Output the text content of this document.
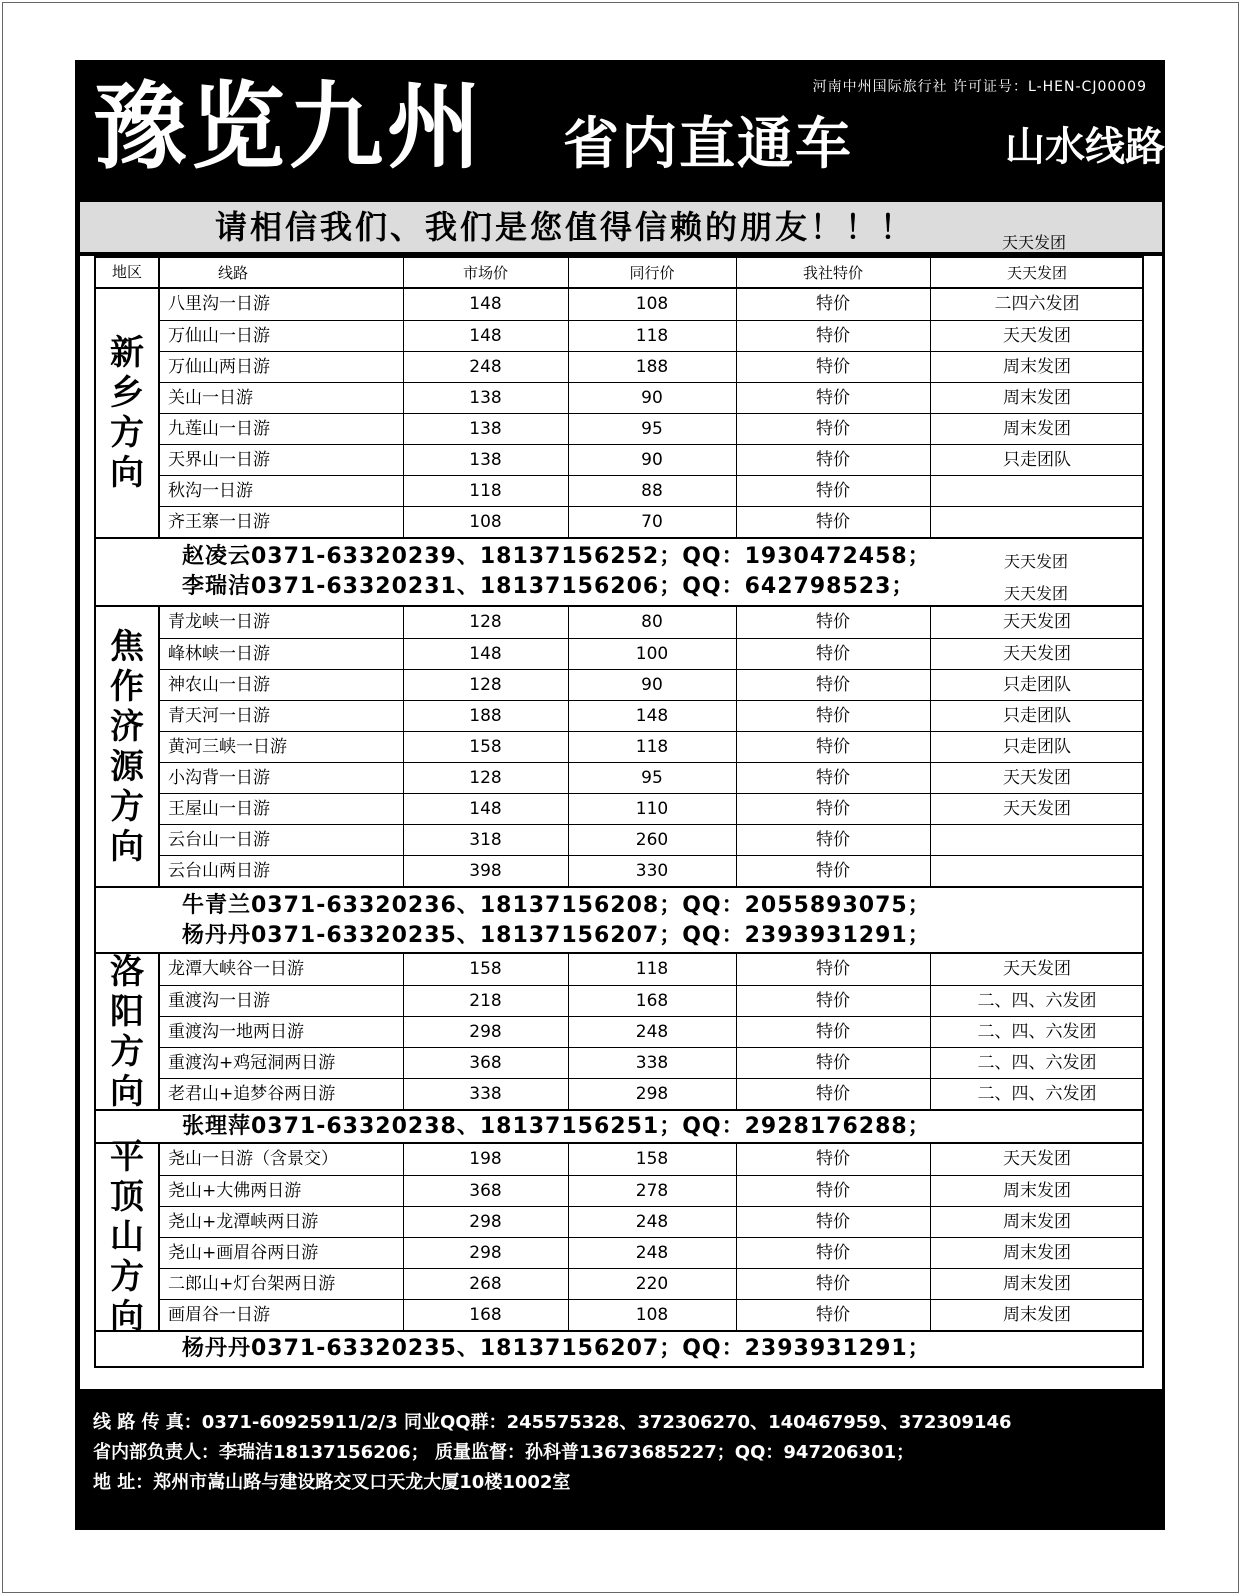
河南中州国际旅行社 许可证号：L-HEN-CJ00009
豫览九州 省内直通车	山水线路
请相信我们、我们是您值得信赖的朋友！！！
地区	线路	市场价	同行价	我社特价	天天发团
天天发团
新乡方向
八里沟一日游	148	108	特价	二四六发团
万仙山一日游	148	118	特价	天天发团
万仙山两日游	248	188	特价	周末发团
关山一日游	138	90	特价	周末发团
九莲山一日游	138	95	特价	周末发团
天界山一日游	138	90	特价	只走团队
秋沟一日游	118	88	特价
齐王寨一日游	108	70	特价
赵凌云0371-63320239、18137156252；QQ：1930472458；
李瑞洁0371-63320231、18137156206；QQ：642798523；
天天发团
天天发团
焦作济源方向
青龙峡一日游	128	80	特价	天天发团
峰林峡一日游	148	100	特价	天天发团
神农山一日游	128	90	特价	只走团队
青天河一日游	188	148	特价	只走团队
黄河三峡一日游	158	118	特价	只走团队
小沟背一日游	128	95	特价	天天发团
王屋山一日游	148	110	特价	天天发团
云台山一日游	318	260	特价
云台山两日游	398	330	特价
牛青兰0371-63320236、18137156208；QQ：2055893075；
杨丹丹0371-63320235、18137156207；QQ：2393931291；
洛阳方向
龙潭大峡谷一日游	158	118	特价	天天发团
重渡沟一日游	218	168	特价	二、四、六发团
重渡沟一地两日游	298	248	特价	二、四、六发团
重渡沟+鸡冠洞两日游	368	338	特价	二、四、六发团
老君山+追梦谷两日游	338	298	特价	二、四、六发团
张理萍0371-63320238、18137156251；QQ：2928176288；
平顶山方向
尧山一日游（含景交）	198	158	特价	天天发团
尧山+大佛两日游	368	278	特价	周末发团
尧山+龙潭峡两日游	298	248	特价	周末发团
尧山+画眉谷两日游	298	248	特价	周末发团
二郎山+灯台架两日游	268	220	特价	周末发团
画眉谷一日游	168	108	特价	周末发团
杨丹丹0371-63320235、18137156207；QQ：2393931291；
线 路 传 真：0371-60925911/2/3 同业QQ群：245575328、372306270、140467959、372309146
省内部负责人：李瑞洁18137156206； 质量监督：孙科普13673685227；QQ：947206301；
地 址：郑州市嵩山路与建设路交叉口天龙大厦10楼1002室
